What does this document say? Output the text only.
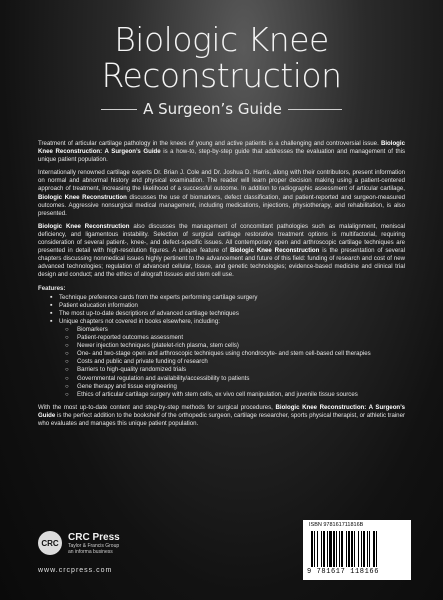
Biologic Knee
Reconstruction
A Surgeon’s Guide

Treatment of articular cartilage pathology in the knees of young and active patients is a challenging and controversial issue. Biologic Knee Reconstruction: A Surgeon’s Guide is a how-to, step-by-step guide that addresses the evaluation and management of this unique patient population.

Internationally renowned cartilage experts Dr. Brian J. Cole and Dr. Joshua D. Harris, along with their contributors, present information on normal and abnormal history and physical examination. The reader will learn proper decision making using a patient-centered approach of treatment, increasing the likelihood of a successful outcome. In addition to radiographic assessment of articular cartilage, Biologic Knee Reconstruction discusses the use of biomarkers, defect classification, and patient-reported and surgeon-measured outcomes. Aggressive nonsurgical medical management, including medications, injections, physiotherapy, and rehabilitation, is also presented.

Biologic Knee Reconstruction also discusses the management of concomitant pathologies such as malalignment, meniscal deficiency, and ligamentous instability. Selection of surgical cartilage restorative treatment options is multifactorial, requiring consideration of several patient-, knee-, and defect-specific issues. All contemporary open and arthroscopic cartilage techniques are presented in detail with high-resolution figures. A unique feature of Biologic Knee Reconstruction is the presentation of several chapters discussing nonmedical issues highly pertinent to the advancement and future of this field: funding of research and cost of new advanced technologies; regulation of advanced cellular, tissue, and genetic technologies; evidence-based medicine and clinical trial design and conduct; and the ethics of allograft tissues and stem cell use.

Features:
▪ Technique preference cards from the experts performing cartilage surgery
▪ Patient education information
▪ The most up-to-date descriptions of advanced cartilage techniques
▪ Unique chapters not covered in books elsewhere, including:
○ Biomarkers
○ Patient-reported outcomes assessment
○ Newer injection techniques (platelet-rich plasma, stem cells)
○ One- and two-stage open and arthroscopic techniques using chondrocyte- and stem cell-based cell therapies
○ Costs and public and private funding of research
○ Barriers to high-quality randomized trials
○ Governmental regulation and availability/accessibility to patients
○ Gene therapy and tissue engineering
○ Ethics of articular cartilage surgery with stem cells, ex vivo cell manipulation, and juvenile tissue sources

With the most up-to-date content and step-by-step methods for surgical procedures, Biologic Knee Reconstruction: A Surgeon’s Guide is the perfect addition to the bookshelf of the orthopedic surgeon, cartilage researcher, sports physical therapist, or athletic trainer who evaluates and manages this unique patient population.

CRC
CRC Press
Taylor & Francis Group
an informa business
www.crcpress.com
ISBN 978161711816B
9 781617 118166
